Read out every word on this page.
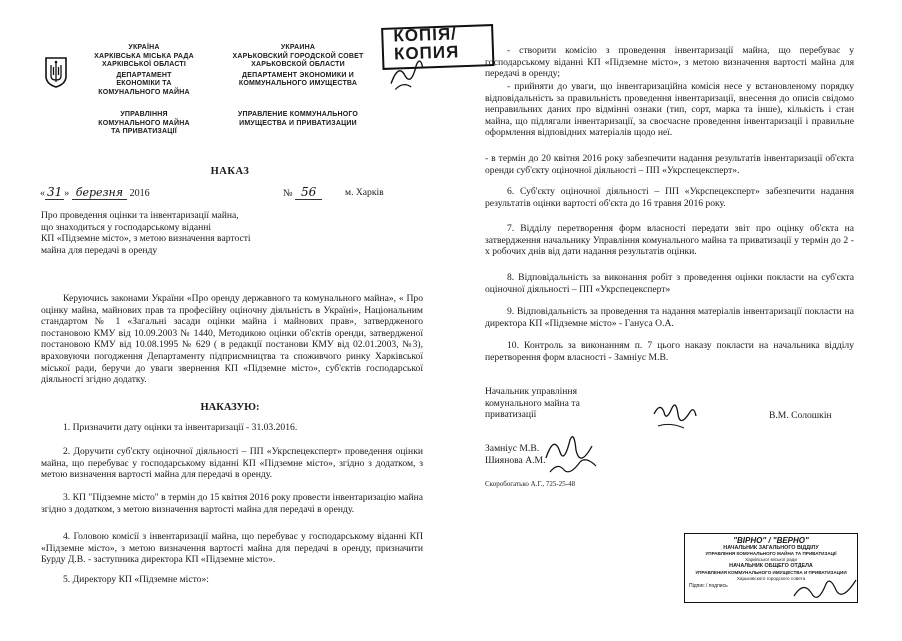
УКРАЇНА
ХАРКІВСЬКА МІСЬКА РАДА
ХАРКІВСЬКОЇ ОБЛАСТІ
ДЕПАРТАМЕНТ
ЕКОНОМІКИ ТА
КОМУНАЛЬНОГО МАЙНА
УПРАВЛІННЯ
КОМУНАЛЬНОГО МАЙНА
ТА ПРИВАТИЗАЦІЇ
УКРАИНА
ХАРЬКОВСКИЙ ГОРОДСКОЙ СОВЕТ
ХАРЬКОВСКОЙ ОБЛАСТИ
ДЕПАРТАМЕНТ ЭКОНОМИКИ И
КОММУНАЛЬНОГО ИМУЩЕСТВА
УПРАВЛЕНИЕ КОММУНАЛЬНОГО
ИМУЩЕСТВА И ПРИВАТИЗАЦИИ
КОПІЯ/
КОПИЯ
НАКАЗ
« 31 » березня 2016	№ 56	м. Харків
Про проведення оцінки та інвентаризації майна,
що знаходиться у господарському віданні
КП «Підземне місто», з метою визначення вартості
майна для передачі в оренду
Керуючись законами України «Про оренду державного та комунального майна», « Про оцінку майна, майнових прав та професійну оціночну діяльність в Україні», Національним стандартом № 1 «Загальні засади оцінки майна і майнових прав», затвердженого постановою КМУ від 10.09.2003 № 1440, Методикою оцінки об'єктів оренди, затвердженої постановою КМУ від 10.08.1995 № 629 ( в редакції постанови КМУ від 02.01.2003, №3), враховуючи погодження Департаменту підприємництва та споживчого ринку Харківської міської ради, беручи до уваги звернення КП «Підземне місто», суб'єктів господарської діяльності згідно додатку.
НАКАЗУЮ:
1. Призначити дату оцінки та інвентаризації - 31.03.2016.
2. Доручити суб'єкту оціночної діяльності – ПП «Укрспецексперт» проведення оцінки майна, що перебуває у господарському віданні КП «Підземне місто», згідно з додатком, з метою визначення вартості майна для передачі в оренду.
3. КП "Підземне місто" в термін до 15 квітня 2016 року провести інвентаризацію майна згідно з додатком, з метою визначення вартості майна для передачі в оренду.
4. Головою комісії з інвентаризації майна, що перебуває у господарському віданні КП «Підземне місто», з метою визначення вартості майна для передачі в оренду, призначити Бурду Д.В. - заступника директора КП «Підземне місто».
5. Директору КП «Підземне місто»:
- створити комісію з проведення інвентаризації майна, що перебуває у господарському віданні КП «Підземне місто», з метою визначення вартості майна для передачі в оренду;
- прийняти до уваги, що інвентаризаційна комісія несе у встановленому порядку відповідальність за правильність проведення інвентаризації, внесення до описів свідомо неправильних даних про відмінні ознаки (тип, сорт, марка та інше), кількість і стан майна, що підлягали інвентаризації, за своєчасне проведення інвентаризації і правильне оформлення відповідних матеріалів щодо неї.
- в термін до 20 квітня 2016 року забезпечити надання результатів інвентаризації об'єкта оренди суб'єкту оціночної діяльності – ПП «Укрспецексперт».
6. Суб'єкту оціночної діяльності – ПП «Укрспецексперт» забезпечити надання результатів оцінки вартості об'єкта до 16 травня 2016 року.
7. Відділу перетворення форм власності передати звіт про оцінку об'єкта на затвердження начальнику Управління комунального майна та приватизації у термін до 2 - х робочих днів від дати надання результатів оцінки.
8. Відповідальність за виконання робіт з проведення оцінки покласти на суб'єкта оціночної діяльності – ПП «Укрспецексперт»
9. Відповідальність за проведення та надання матеріалів інвентаризації покласти на директора КП «Підземне місто» - Гануса О.А.
10. Контроль за виконанням п. 7 цього наказу покласти на начальника відділу перетворення форм власності - Замніус М.В.
Начальник управління
комунального майна та
приватизації	В.М. Солошкін
Замніус М.В.
Шиянова А.М.
Скоробогатько А.Г., 725-25-48
"ВІРНО" / "ВЕРНО"
НАЧАЛЬНИК ЗАГАЛЬНОГО ВІДДІЛУ
УПРАВЛІННЯ КОМУНАЛЬНОГО МАЙНА ТА ПРИВАТИЗАЦІЇ
Харківської міської ради
НАЧАЛЬНИК ОБЩЕГО ОТДЕЛА
УПРАВЛЕНИЯ КОММУНАЛЬНОГО ИМУЩЕСТВА И ПРИВАТИЗАЦИИ
Харьковского городского совета
Підпис / подпись
